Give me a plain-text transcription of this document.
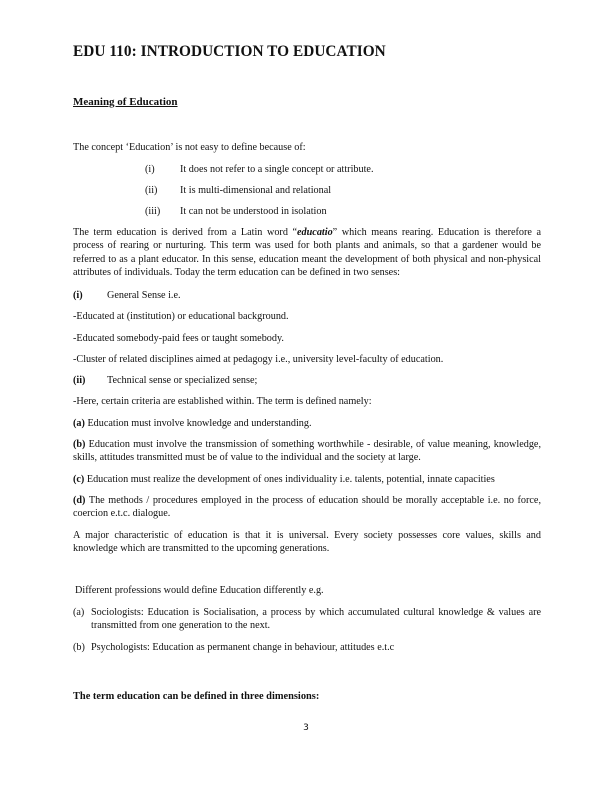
EDU 110: INTRODUCTION TO EDUCATION
Meaning of Education
The concept ‘Education’ is not easy to define because of:
(i) It does not refer to a single concept or attribute.
(ii) It is multi-dimensional and relational
(iii) It can not be understood in isolation
The term education is derived from a Latin word “educatio” which means rearing. Education is therefore a process of rearing or nurturing. This term was used for both plants and animals, so that a gardener would be referred to as a plant educator. In this sense, education meant the development of both physical and non-physical attributes of individuals. Today the term education can be defined in two senses:
(i) General Sense i.e.
-Educated at (institution) or educational background.
-Educated somebody-paid fees or taught somebody.
-Cluster of related disciplines aimed at pedagogy i.e., university level-faculty of education.
(ii) Technical sense or specialized sense;
-Here, certain criteria are established within. The term is defined namely:
(a) Education must involve knowledge and understanding.
(b) Education must involve the transmission of something worthwhile - desirable, of value meaning, knowledge, skills, attitudes transmitted must be of value to the individual and the society at large.
(c) Education must realize the development of ones individuality i.e. talents, potential, innate capacities
(d) The methods / procedures employed in the process of education should be morally acceptable i.e. no force, coercion e.t.c. dialogue.
A major characteristic of education is that it is universal. Every society possesses core values, skills and knowledge which are transmitted to the upcoming generations.
Different professions would define Education differently e.g.
(a) Sociologists: Education is Socialisation, a process by which accumulated cultural knowledge & values are transmitted from one generation to the next.
(b) Psychologists: Education as permanent change in behaviour, attitudes e.t.c
The term education can be defined in three dimensions:
3
